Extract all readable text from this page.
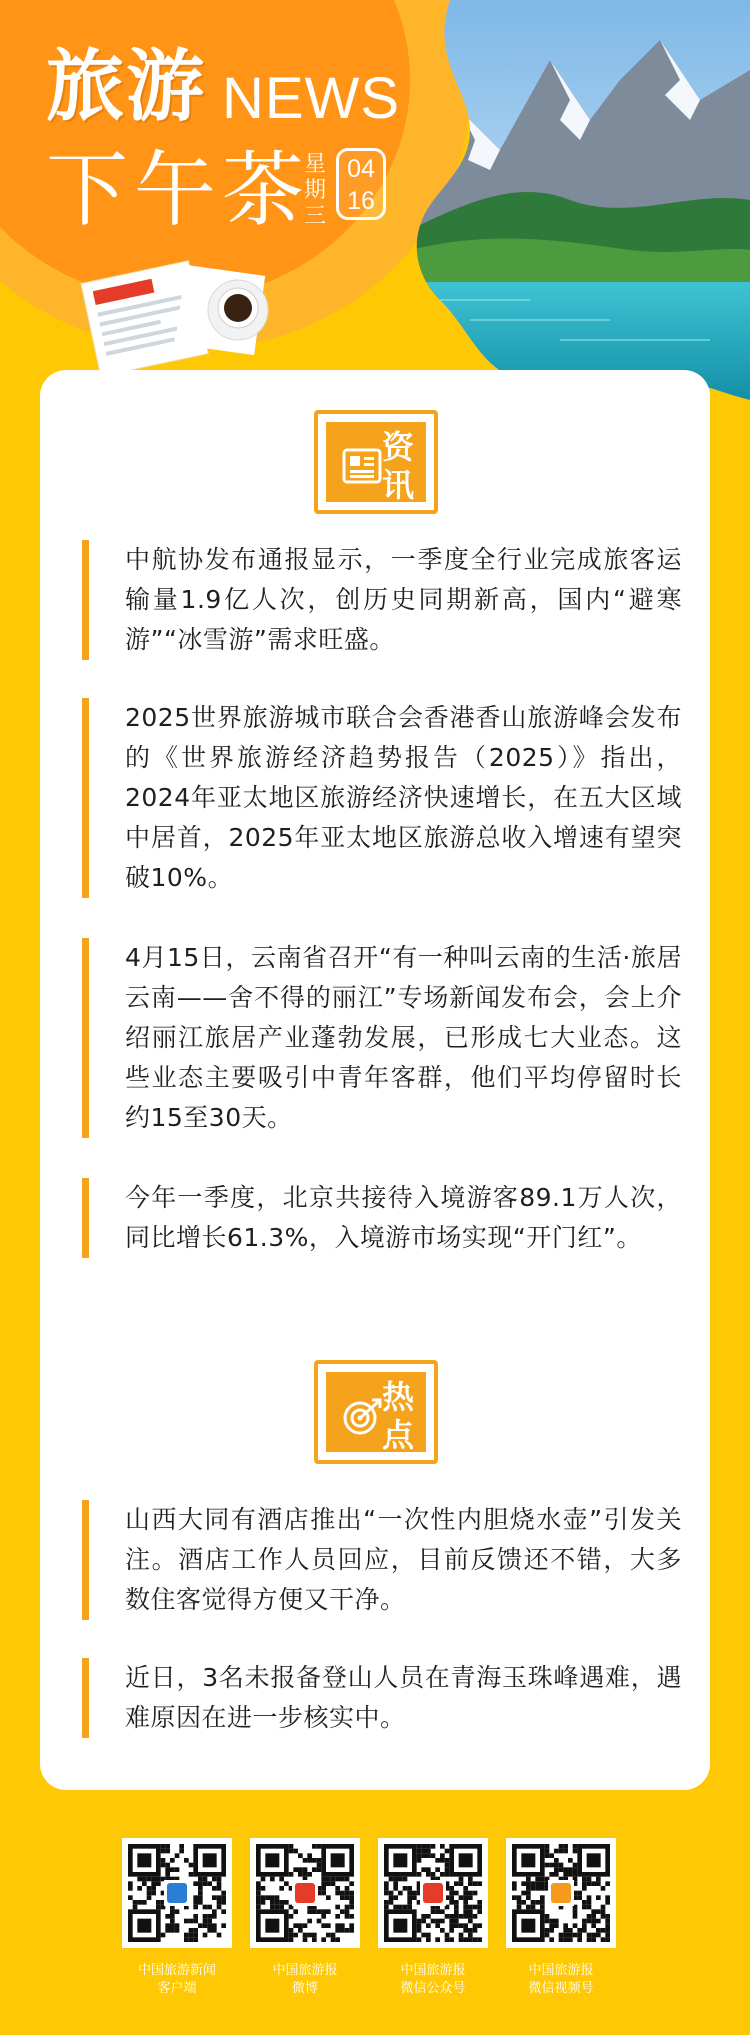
旅游 NEWS
下午茶
星期三
04
16
资讯
中航协发布通报显示，一季度全行业完成旅客运输量1.9亿人次，创历史同期新高，国内“避寒游”“冰雪游”需求旺盛。
2025世界旅游城市联合会香港香山旅游峰会发布的《世界旅游经济趋势报告（2025）》指出，2024年亚太地区旅游经济快速增长，在五大区域中居首，2025年亚太地区旅游总收入增速有望突破10%。
4月15日，云南省召开“有一种叫云南的生活·旅居云南——舍不得的丽江”专场新闻发布会，会上介绍丽江旅居产业蓬勃发展，已形成七大业态。这些业态主要吸引中青年客群，他们平均停留时长约15至30天。
今年一季度，北京共接待入境游客89.1万人次，同比增长61.3%，入境游市场实现“开门红”。
热点
山西大同有酒店推出“一次性内胆烧水壶”引发关注。酒店工作人员回应，目前反馈还不错，大多数住客觉得方便又干净。
近日，3名未报备登山人员在青海玉珠峰遇难，遇难原因在进一步核实中。
中国旅游新闻
客户端
中国旅游报
微博
中国旅游报
微信公众号
中国旅游报
微信视频号
